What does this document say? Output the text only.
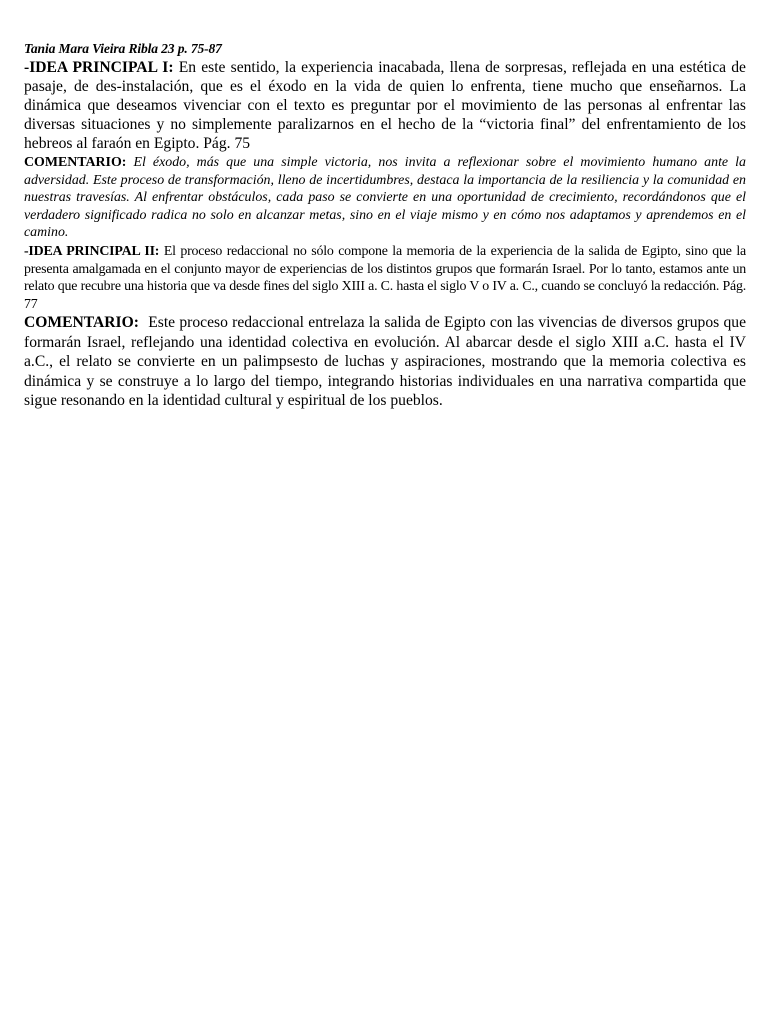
Tania Mara Vieira Ribla 23 p. 75-87

-IDEA PRINCIPAL I: En este sentido, la experiencia inacabada, llena de sorpresas, reflejada en una estética de pasaje, de des-instalación, que es el éxodo en la vida de quien lo enfrenta, tiene mucho que enseñarnos. La dinámica que deseamos vivenciar con el texto es preguntar por el movimiento de las personas al enfrentar las diversas situaciones y no simplemente paralizarnos en el hecho de la “victoria final” del enfrentamiento de los hebreos al faraón en Egipto. Pág. 75

COMENTARIO: El éxodo, más que una simple victoria, nos invita a reflexionar sobre el movimiento humano ante la adversidad. Este proceso de transformación, lleno de incertidumbres, destaca la importancia de la resiliencia y la comunidad en nuestras travesías. Al enfrentar obstáculos, cada paso se convierte en una oportunidad de crecimiento, recordándonos que el verdadero significado radica no solo en alcanzar metas, sino en el viaje mismo y en cómo nos adaptamos y aprendemos en el camino.

-IDEA PRINCIPAL II: El proceso redaccional no sólo compone la memoria de la experiencia de la salida de Egipto, sino que la presenta amalgamada en el conjunto mayor de experiencias de los distintos grupos que formarán Israel. Por lo tanto, estamos ante un relato que recubre una historia que va desde fines del siglo XIII a. C. hasta el siglo V o IV a. C., cuando se concluyó la redacción. Pág. 77

COMENTARIO: Este proceso redaccional entrelaza la salida de Egipto con las vivencias de diversos grupos que formarán Israel, reflejando una identidad colectiva en evolución. Al abarcar desde el siglo XIII a.C. hasta el IV a.C., el relato se convierte en un palimpsesto de luchas y aspiraciones, mostrando que la memoria colectiva es dinámica y se construye a lo largo del tiempo, integrando historias individuales en una narrativa compartida que sigue resonando en la identidad cultural y espiritual de los pueblos.
